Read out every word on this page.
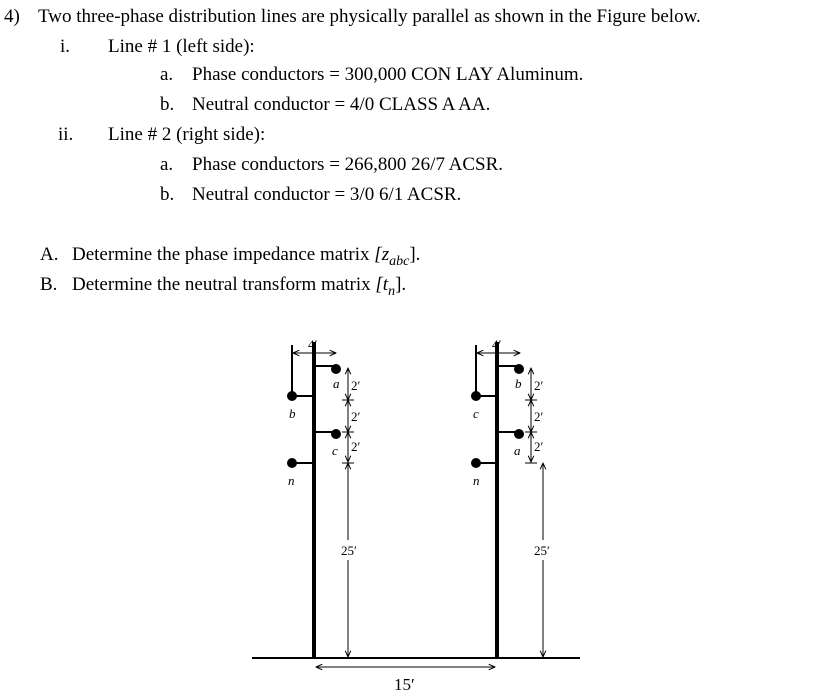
4) Two three-phase distribution lines are physically parallel as shown in the Figure below.
i. Line # 1 (left side):
a. Phase conductors = 300,000 CON LAY Aluminum.
b. Neutral conductor = 4/0 CLASS A AA.
ii. Line # 2 (right side):
a. Phase conductors = 266,800 26/7 ACSR.
b. Neutral conductor = 3/0 6/1 ACSR.
A. Determine the phase impedance matrix $[z_{abc}]$.
B. Determine the neutral transform matrix $[t_n]$.
4′
a
b
c
n
2′
2′
2′
25′
4′
b
c
a
n
2′
2′
2′
25′
15′
